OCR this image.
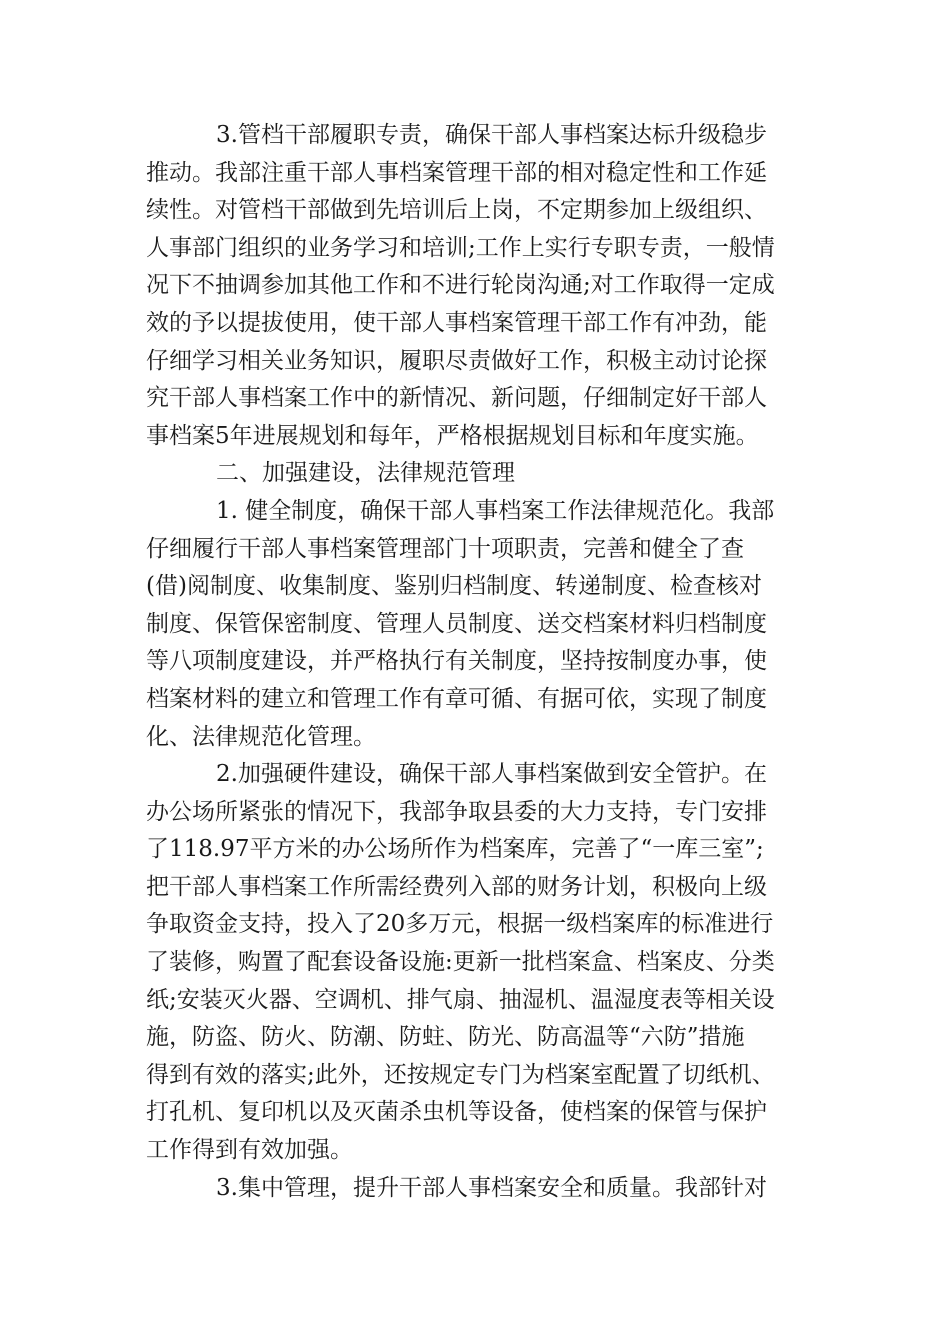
3.管档干部履职专责，确保干部人事档案达标升级稳步
推动。我部注重干部人事档案管理干部的相对稳定性和工作延
续性。对管档干部做到先培训后上岗，不定期参加上级组织、
人事部门组织的业务学习和培训;工作上实行专职专责，一般情
况下不抽调参加其他工作和不进行轮岗沟通;对工作取得一定成
效的予以提拔使用，使干部人事档案管理干部工作有冲劲，能
仔细学习相关业务知识，履职尽责做好工作，积极主动讨论探
究干部人事档案工作中的新情况、新问题，仔细制定好干部人
事档案5年进展规划和每年，严格根据规划目标和年度实施。
二、加强建设，法律规范管理
1. 健全制度，确保干部人事档案工作法律规范化。我部
仔细履行干部人事档案管理部门十项职责，完善和健全了查
(借)阅制度、收集制度、鉴别归档制度、转递制度、检查核对
制度、保管保密制度、管理人员制度、送交档案材料归档制度
等八项制度建设，并严格执行有关制度，坚持按制度办事，使
档案材料的建立和管理工作有章可循、有据可依，实现了制度
化、法律规范化管理。
2.加强硬件建设，确保干部人事档案做到安全管护。在
办公场所紧张的情况下，我部争取县委的大力支持，专门安排
了118.97平方米的办公场所作为档案库，完善了“一库三室”;
把干部人事档案工作所需经费列入部的财务计划，积极向上级
争取资金支持，投入了20多万元，根据一级档案库的标准进行
了装修，购置了配套设备设施:更新一批档案盒、档案皮、分类
纸;安装灭火器、空调机、排气扇、抽湿机、温湿度表等相关设
施，防盗、防火、防潮、防蛀、防光、防高温等“六防”措施
得到有效的落实;此外，还按规定专门为档案室配置了切纸机、
打孔机、复印机以及灭菌杀虫机等设备，使档案的保管与保护
工作得到有效加强。
3.集中管理，提升干部人事档案安全和质量。我部针对
